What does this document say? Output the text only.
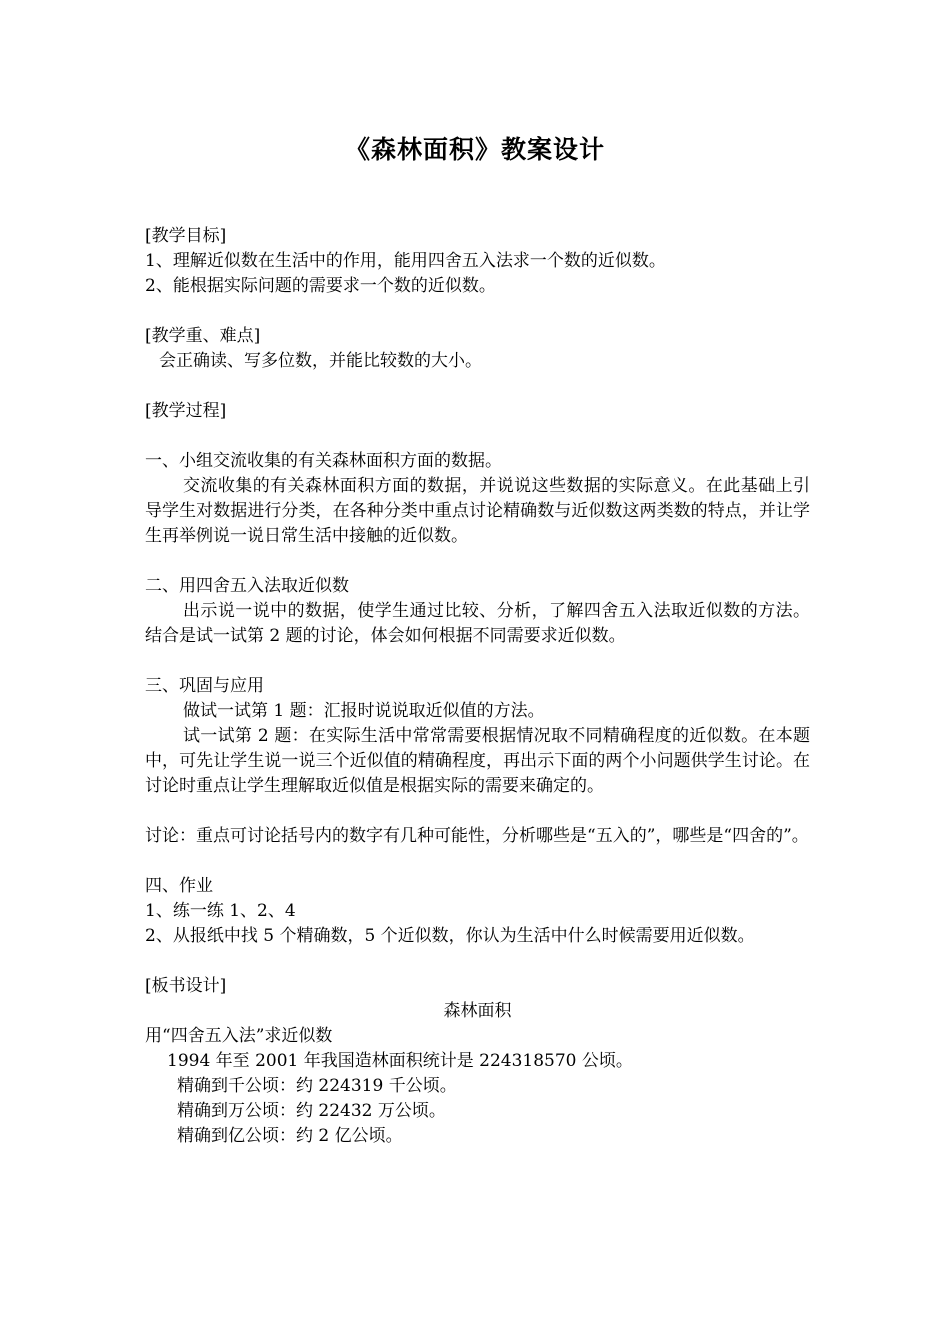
《森林面积》教案设计
[教学目标]
1、理解近似数在生活中的作用，能用四舍五入法求一个数的近似数。
2、能根据实际问题的需要求一个数的近似数。
[教学重、难点]
会正确读、写多位数，并能比较数的大小。
[教学过程]
一、小组交流收集的有关森林面积方面的数据。
交流收集的有关森林面积方面的数据，并说说这些数据的实际意义。在此基础上引导学生对数据进行分类，在各种分类中重点讨论精确数与近似数这两类数的特点，并让学生再举例说一说日常生活中接触的近似数。
二、用四舍五入法取近似数
出示说一说中的数据，使学生通过比较、分析，了解四舍五入法取近似数的方法。结合是试一试第 2 题的讨论，体会如何根据不同需要求近似数。
三、巩固与应用
做试一试第 1 题：汇报时说说取近似值的方法。
试一试第 2 题：在实际生活中常常需要根据情况取不同精确程度的近似数。在本题中，可先让学生说一说三个近似值的精确程度，再出示下面的两个小问题供学生讨论。在讨论时重点让学生理解取近似值是根据实际的需要来确定的。
讨论：重点可讨论括号内的数字有几种可能性，分析哪些是“五入的”，哪些是“四舍的”。
四、作业
1、练一练 1、2、4
2、从报纸中找 5 个精确数，5 个近似数，你认为生活中什么时候需要用近似数。
[板书设计]
森林面积
用“四舍五入法”求近似数
1994 年至 2001 年我国造林面积统计是 224318570 公顷。
精确到千公顷：约 224319 千公顷。
精确到万公顷：约 22432 万公顷。
精确到亿公顷：约 2 亿公顷。
